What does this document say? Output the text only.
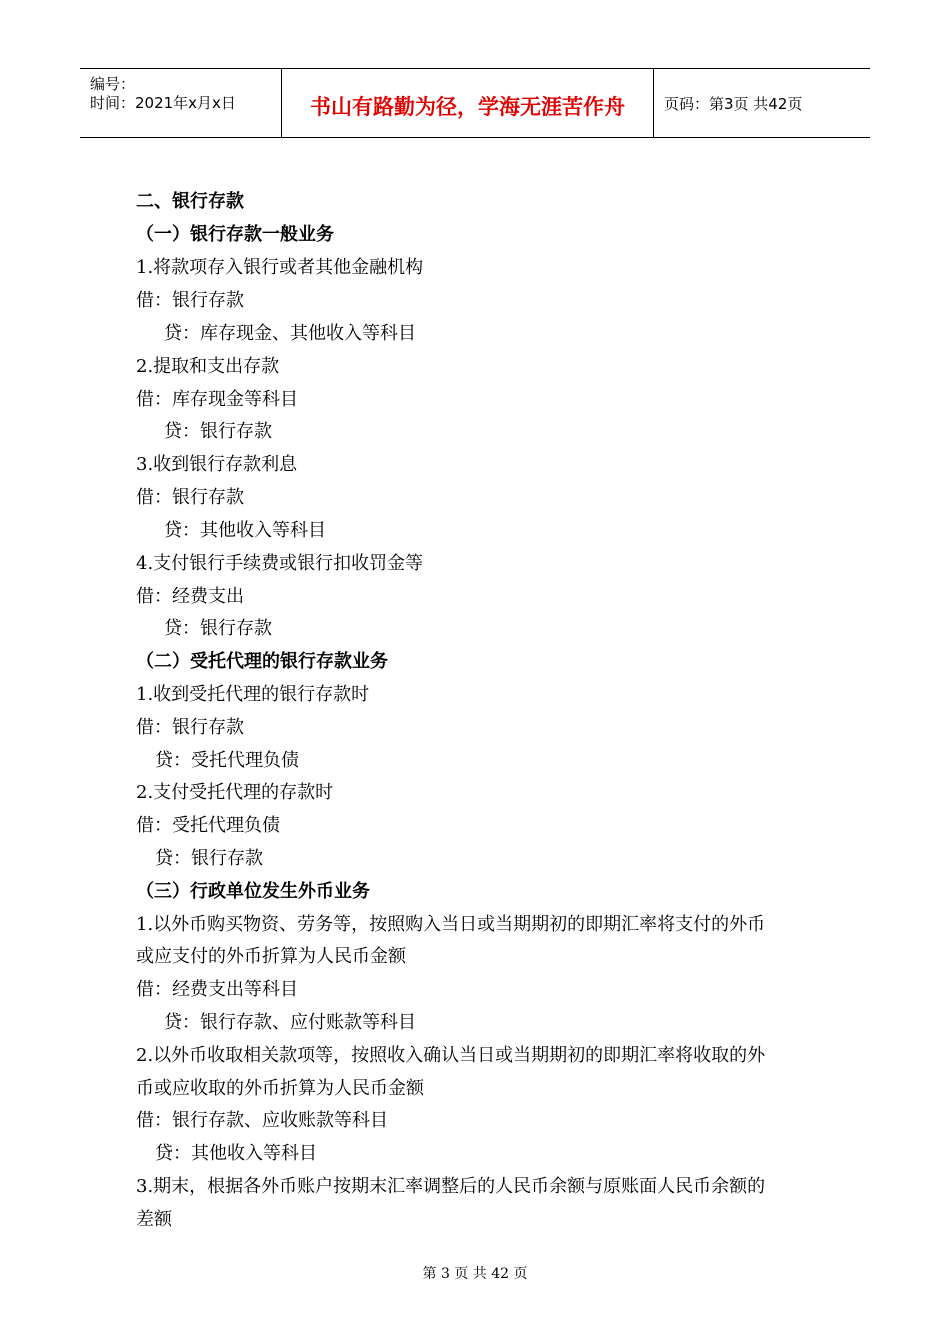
编号：
时间：2021年x月x日	书山有路勤为径，学海无涯苦作舟	页码：第3页 共42页
二、银行存款
（一）银行存款一般业务
1.将款项存入银行或者其他金融机构
借：银行存款
贷：库存现金、其他收入等科目
2.提取和支出存款
借：库存现金等科目
贷：银行存款
3.收到银行存款利息
借：银行存款
贷：其他收入等科目
4.支付银行手续费或银行扣收罚金等
借：经费支出
贷：银行存款
（二）受托代理的银行存款业务
1.收到受托代理的银行存款时
借：银行存款
贷：受托代理负债
2.支付受托代理的存款时
借：受托代理负债
贷：银行存款
（三）行政单位发生外币业务
1.以外币购买物资、劳务等，按照购入当日或当期期初的即期汇率将支付的外币
或应支付的外币折算为人民币金额
借：经费支出等科目
贷：银行存款、应付账款等科目
2.以外币收取相关款项等，按照收入确认当日或当期期初的即期汇率将收取的外
币或应收取的外币折算为人民币金额
借：银行存款、应收账款等科目
贷：其他收入等科目
3.期末，根据各外币账户按期末汇率调整后的人民币余额与原账面人民币余额的
差额
第 3 页 共 42 页
